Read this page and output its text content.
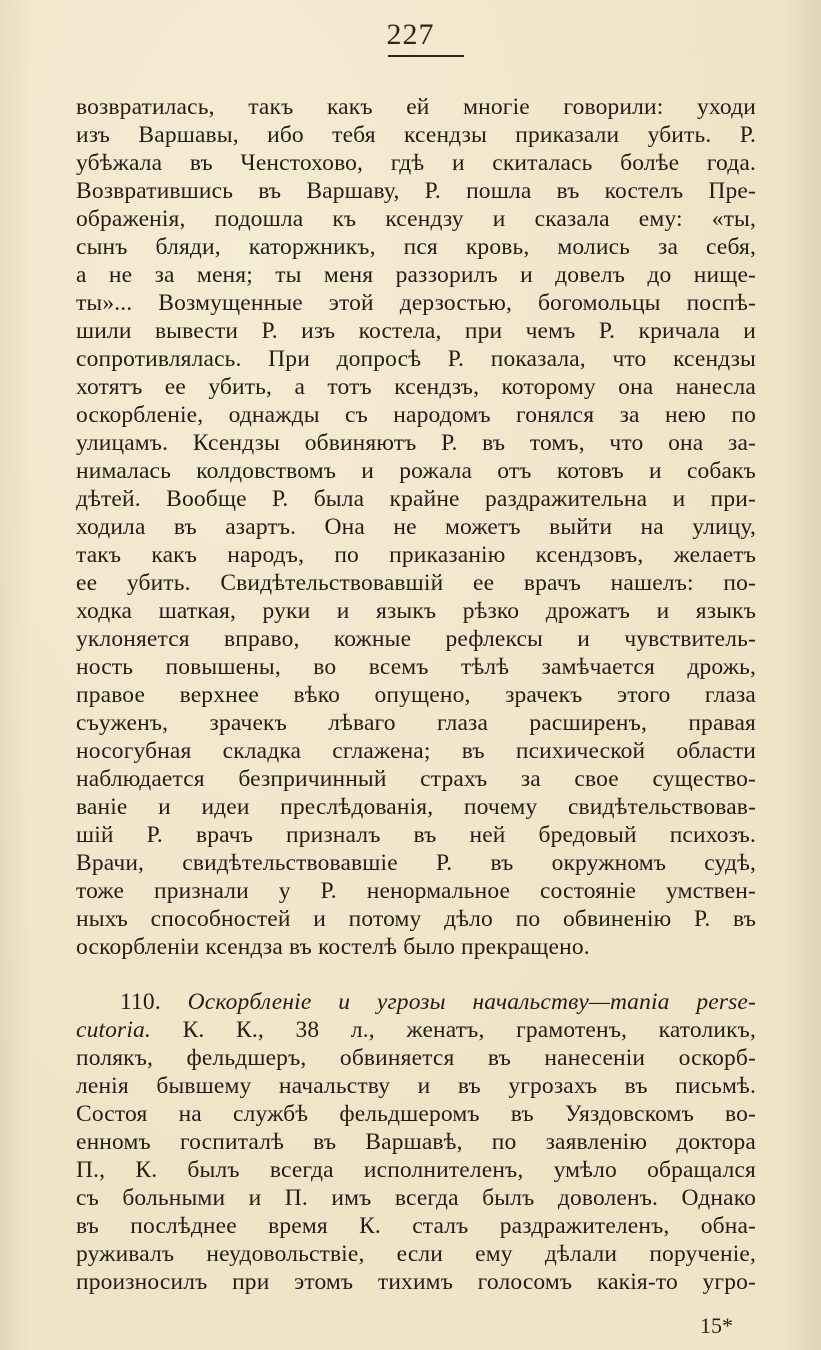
227
возвратилась, такъ какъ ей многіе говорили: уходи
изъ Варшавы, ибо тебя ксендзы приказали убить. Р.
убѣжала въ Ченстохово, гдѣ и скиталась болѣе года.
Возвратившись въ Варшаву, Р. пошла въ костелъ Пре-
ображенія, подошла къ ксендзу и сказала ему: «ты,
сынъ бляди, каторжникъ, пся кровь, молись за себя,
а не за меня; ты меня раззорилъ и довелъ до нище-
ты»... Возмущенные этой дерзостью, богомольцы поспѣ-
шили вывести Р. изъ костела, при чемъ Р. кричала и
сопротивлялась. При допросѣ Р. показала, что ксендзы
хотятъ ее убить, а тотъ ксендзъ, которому она нанесла
оскорбленіе, однажды съ народомъ гонялся за нею по
улицамъ. Ксендзы обвиняютъ Р. въ томъ, что она за-
нималась колдовствомъ и рожала отъ котовъ и собакъ
дѣтей. Вообще Р. была крайне раздражительна и при-
ходила въ азартъ. Она не можетъ выйти на улицу,
такъ какъ народъ, по приказанію ксендзовъ, желаетъ
ее убить. Свидѣтельствовавшій ее врачъ нашелъ: по-
ходка шаткая, руки и языкъ рѣзко дрожатъ и языкъ
уклоняется вправо, кожные рефлексы и чувствитель-
ность повышены, во всемъ тѣлѣ замѣчается дрожь,
правое верхнее вѣко опущено, зрачекъ этого глаза
съуженъ, зрачекъ лѣваго глаза расширенъ, правая
носогубная складка сглажена; въ психической области
наблюдается безпричинный страхъ за свое существо-
ваніе и идеи преслѣдованія, почему свидѣтельствовав-
шій Р. врачъ призналъ въ ней бредовый психозъ.
Врачи, свидѣтельствовавшіе Р. въ окружномъ судѣ,
тоже признали у Р. ненормальное состояніе умствен-
ныхъ способностей и потому дѣло по обвиненію Р. въ
оскорбленіи ксендза въ костелѣ было прекращено.
110. Оскорбленіе и угрозы начальству—mania perse-
cutoria. К. К., 38 л., женатъ, грамотенъ, католикъ,
полякъ, фельдшеръ, обвиняется въ нанесеніи оскорб-
ленія бывшему начальству и въ угрозахъ въ письмѣ.
Состоя на службѣ фельдшеромъ въ Уяздовскомъ во-
енномъ госпиталѣ въ Варшавѣ, по заявленію доктора
П., К. былъ всегда исполнителенъ, умѣло обращался
съ больными и П. имъ всегда былъ доволенъ. Однако
въ послѣднее время К. сталъ раздражителенъ, обна-
руживалъ неудовольствіе, если ему дѣлали порученіе,
произносилъ при этомъ тихимъ голосомъ какія-то угро-
15*
